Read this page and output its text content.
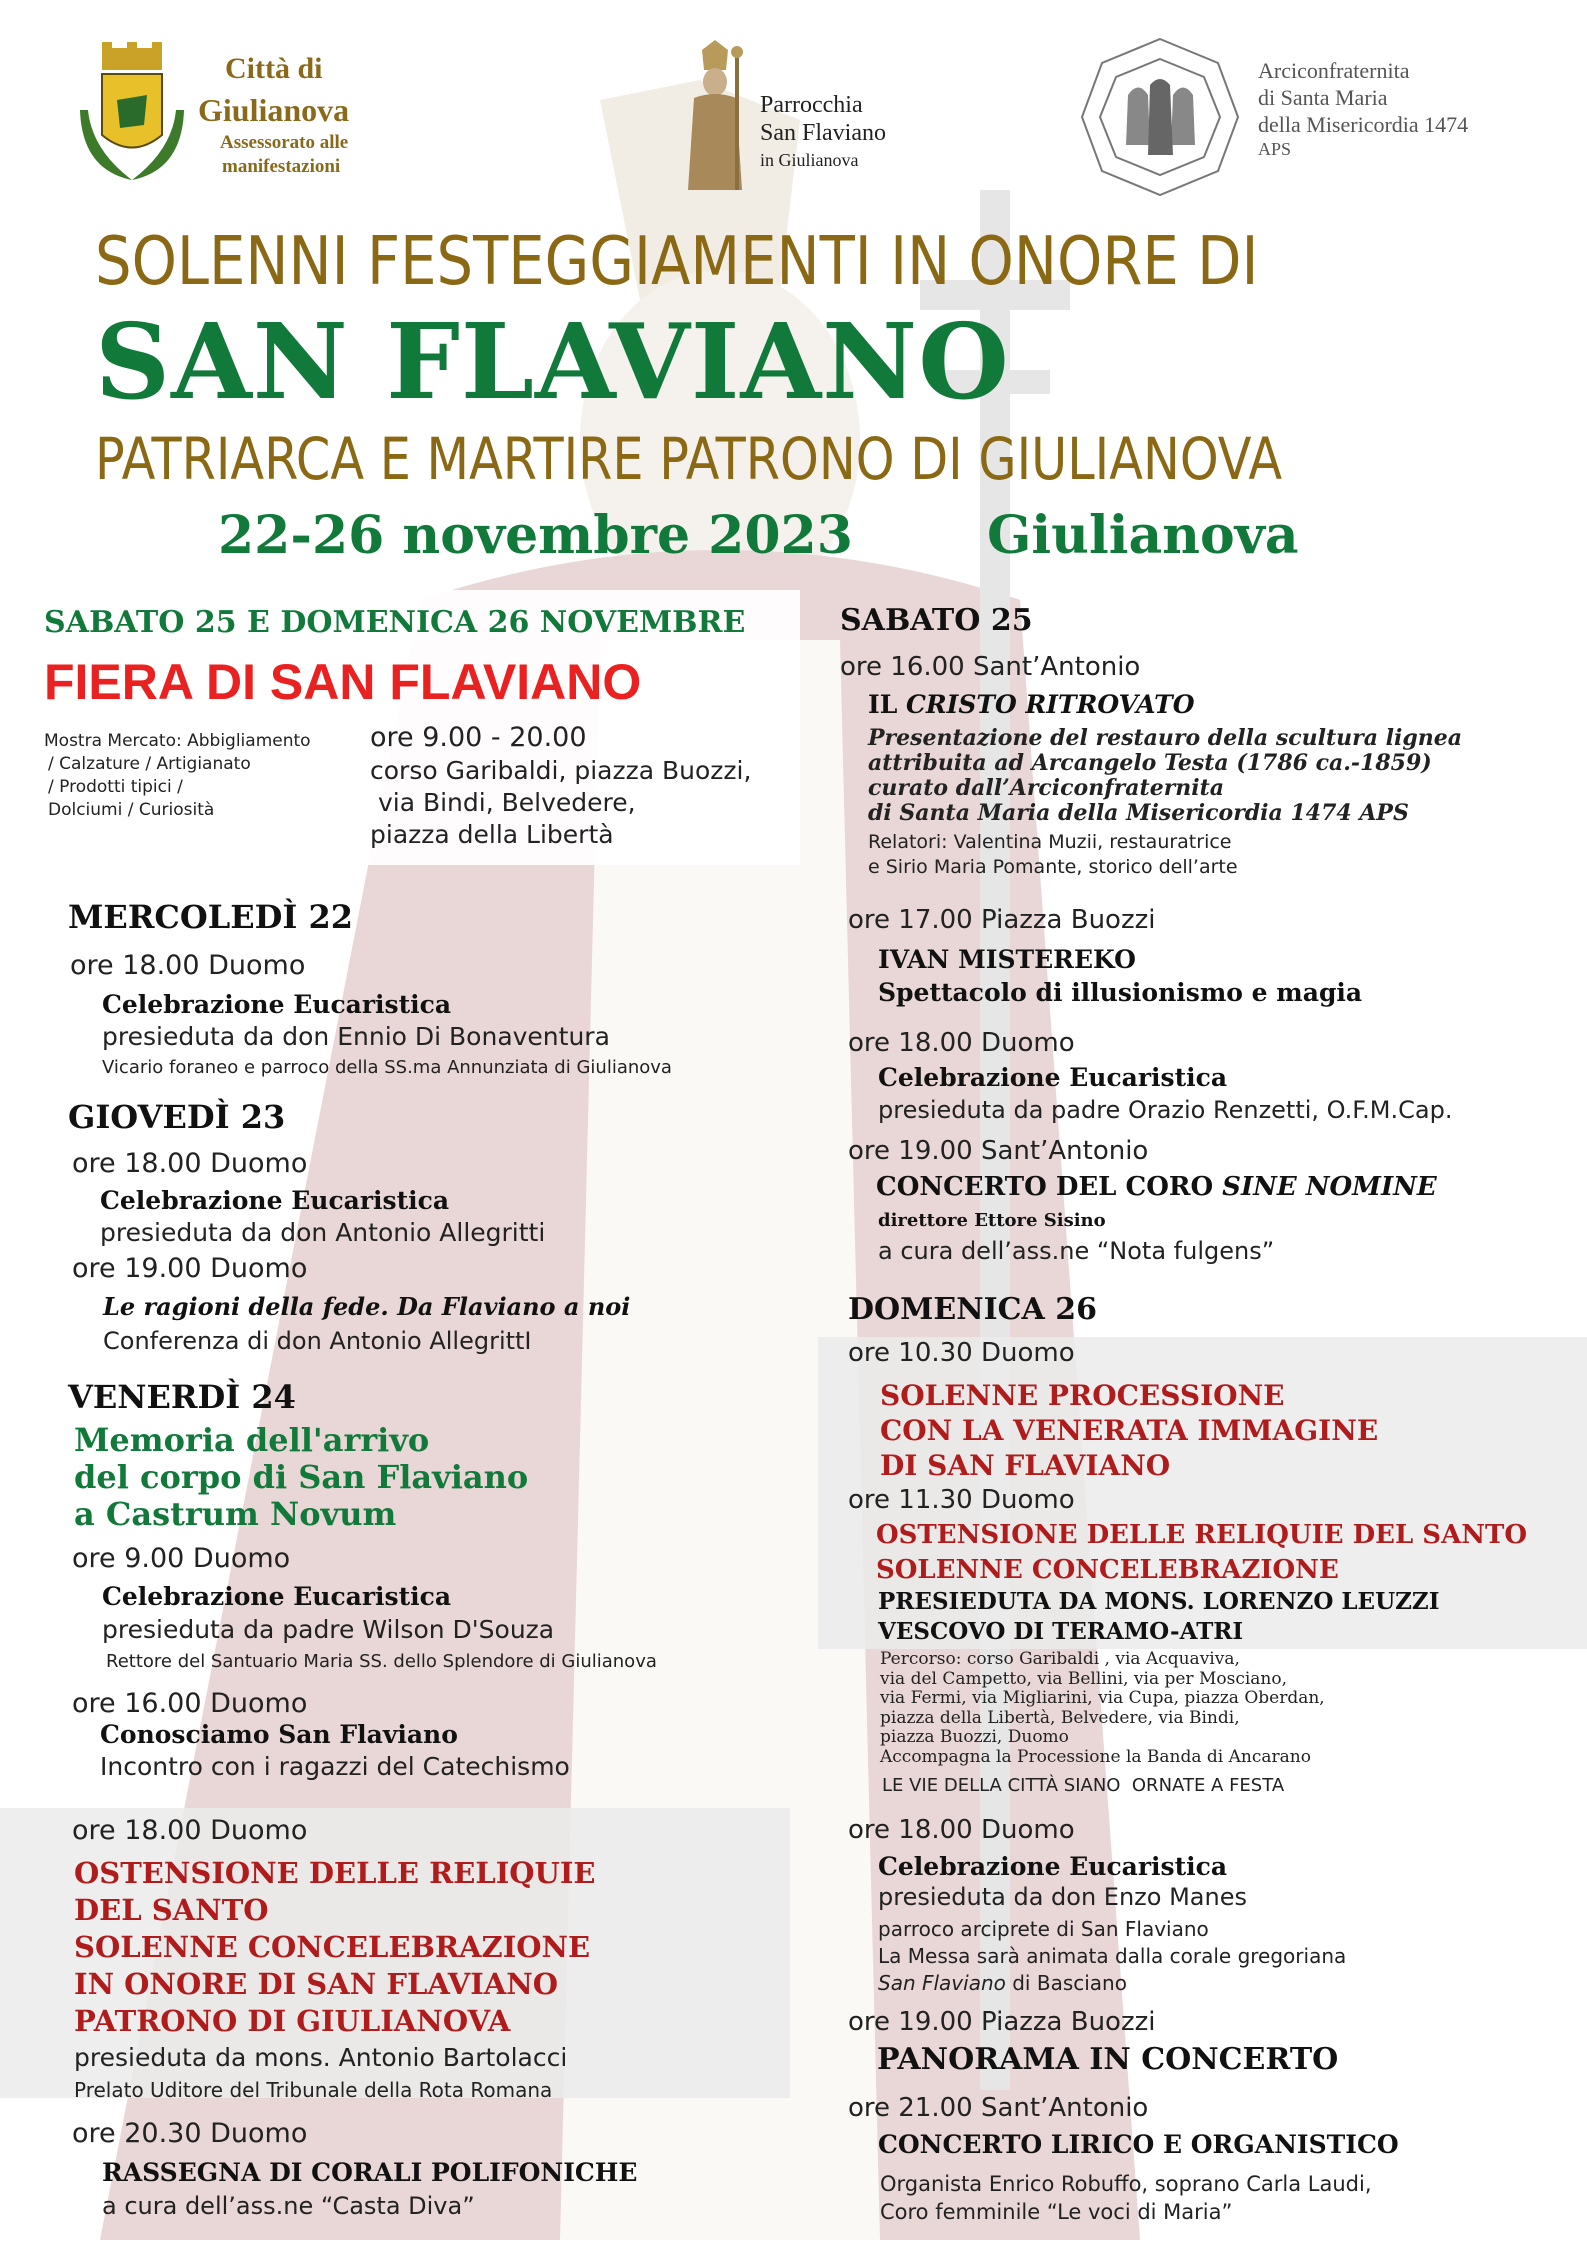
Città di
Giulianova
Assessorato alle
manifestazioni
Parrocchia
San Flaviano
in Giulianova
Arciconfraternita
di Santa Maria
della Misericordia 1474
APS
SOLENNI FESTEGGIAMENTI IN ONORE DI
SAN FLAVIANO
PATRIARCA E MARTIRE PATRONO DI GIULIANOVA
22-26 novembre 2023	Giulianova
SABATO 25 E DOMENICA 26 NOVEMBRE
FIERA DI SAN FLAVIANO
Mostra Mercato: Abbigliamento
/ Calzature / Artigianato
/ Prodotti tipici /
Dolciumi / Curiosità
ore 9.00 - 20.00
corso Garibaldi, piazza Buozzi,
via Bindi, Belvedere,
piazza della Libertà
MERCOLEDÌ 22
ore 18.00 Duomo
Celebrazione Eucaristica
presieduta da don Ennio Di Bonaventura
Vicario foraneo e parroco della SS.ma Annunziata di Giulianova
GIOVEDÌ 23
ore 18.00 Duomo
Celebrazione Eucaristica
presieduta da don Antonio Allegritti
ore 19.00 Duomo
Le ragioni della fede. Da Flaviano a noi
Conferenza di don Antonio AllegrittI
VENERDÌ 24
Memoria dell'arrivo
del corpo di San Flaviano
a Castrum Novum
ore 9.00 Duomo
Celebrazione Eucaristica
presieduta da padre Wilson D'Souza
Rettore del Santuario Maria SS. dello Splendore di Giulianova
ore 16.00 Duomo
Conosciamo San Flaviano
Incontro con i ragazzi del Catechismo
ore 18.00 Duomo
OSTENSIONE DELLE RELIQUIE
DEL SANTO
SOLENNE CONCELEBRAZIONE
IN ONORE DI SAN FLAVIANO
PATRONO DI GIULIANOVA
presieduta da mons. Antonio Bartolacci
Prelato Uditore del Tribunale della Rota Romana
ore 20.30 Duomo
RASSEGNA DI CORALI POLIFONICHE
a cura dell’ass.ne “Casta Diva”
SABATO 25
ore 16.00 Sant’Antonio
IL CRISTO RITROVATO
Presentazione del restauro della scultura lignea
attribuita ad Arcangelo Testa (1786 ca.-1859)
curato dall’Arciconfraternita
di Santa Maria della Misericordia 1474 APS
Relatori: Valentina Muzii, restauratrice
e Sirio Maria Pomante, storico dell’arte
ore 17.00 Piazza Buozzi
IVAN MISTEREKO
Spettacolo di illusionismo e magia
ore 18.00 Duomo
Celebrazione Eucaristica
presieduta da padre Orazio Renzetti, O.F.M.Cap.
ore 19.00 Sant’Antonio
CONCERTO DEL CORO SINE NOMINE
direttore Ettore Sisino
a cura dell’ass.ne “Nota fulgens”
DOMENICA 26
ore 10.30 Duomo
SOLENNE PROCESSIONE
CON LA VENERATA IMMAGINE
DI SAN FLAVIANO
ore 11.30 Duomo
OSTENSIONE DELLE RELIQUIE DEL SANTO
SOLENNE CONCELEBRAZIONE
PRESIEDUTA DA MONS. LORENZO LEUZZI
VESCOVO DI TERAMO-ATRI
Percorso: corso Garibaldi , via Acquaviva,
via del Campetto, via Bellini, via per Mosciano,
via Fermi, via Migliarini, via Cupa, piazza Oberdan,
piazza della Libertà, Belvedere, via Bindi,
piazza Buozzi, Duomo
Accompagna la Processione la Banda di Ancarano
LE VIE DELLA CITTÀ SIANO  ORNATE A FESTA
ore 18.00 Duomo
Celebrazione Eucaristica
presieduta da don Enzo Manes
parroco arciprete di San Flaviano
La Messa sarà animata dalla corale gregoriana
San Flaviano di Basciano
ore 19.00 Piazza Buozzi
PANORAMA IN CONCERTO
ore 21.00 Sant’Antonio
CONCERTO LIRICO E ORGANISTICO
Organista Enrico Robuffo, soprano Carla Laudi,
Coro femminile “Le voci di Maria”
